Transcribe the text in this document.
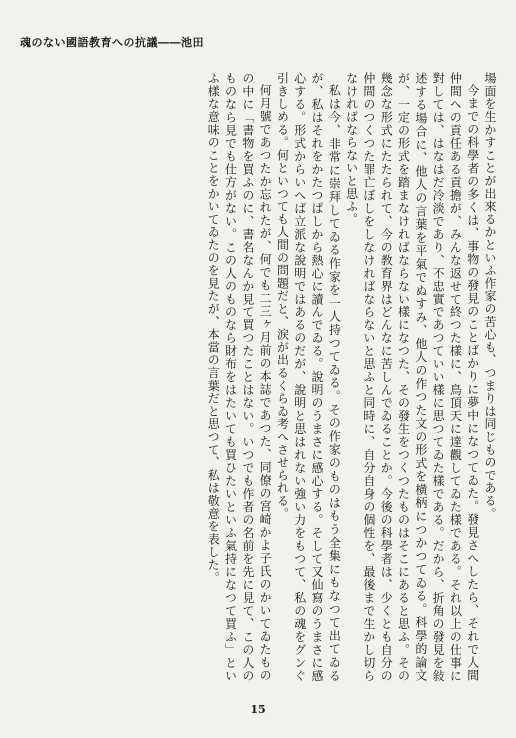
魂のない國語教育への抗議――池田

場面を生かすことが出來るかといふ作家の苦心も、つまりは同じものである。

今までの科學者の多くは、事物の發見のことばかりに夢中になつてゐた。發見さへしたら、それで人間仲間への貢任ある貢擔が、みんな返せて終つた樣に、鳥頂天に達觀してゐた樣である。それ以上の仕事に對しては、はなはだ冷淡であり、不忠實であつていい樣に思つてゐた樣である。だから、折角の發見を敍述する場合に、他人の言葉を平氣でぬすみ、他人の作つた文の形式を横柄につかつてゐる。科學的論文が、一定の形式を踏まなければならない樣になつた、その發生をつくつたものはそこにあると思ふ。その幾念な形式にたたられて、今の教育界はどんなに苦しんでゐることか。今後の科學者は、少くとも自分の仲間のつくつた罪亡ぼしをしなければならないと思ふと同時に、自分自身の個性を、最後まで生かし切らなければならないと思ふ。

私は今、非常に崇拜してゐる作家を一人持つてゐる。その作家のものはもう全集にもなつて出てゐるが、私はそれをかたつぱしから熱心に讀んでゐる。說明のうまさに感心する。そして又仙寫のうまさに感心する。形式からいへば立派な說明ではあるのだが、說明と思はれない強い力をもつて、私の魂をグンぐ引きしめる。何といつても人間の問題だと、涙が出るくらゐ考へさせられる。

何月號であつたか忘れたが、何でも二三ヶ月前の本誌であつた、同僚の宮崎かよ子氏のかいてゐたものの中に「書物を買ふのに、書名なんか見て買つたことはない。いつでも作者の名前を先に見て、この人のものなら見でも仕方がない。この人のものなら財布をはたいても買ひたいといふ氣持になつて買ふ」といふ樣な意味のことをかいてゐたのを見たが、本當の言葉だと思つて、私は敬意を表した。

15
